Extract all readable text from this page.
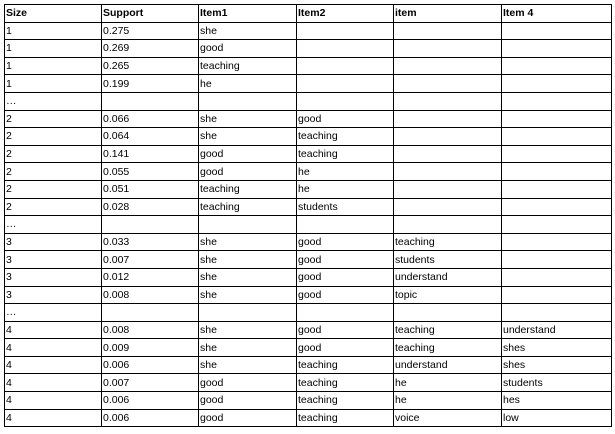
Size	Support	Item1	Item2	item	Item 4
1	0.275	she			
1	0.269	good			
1	0.265	teaching			
1	0.199	he			
…					
2	0.066	she	good		
2	0.064	she	teaching		
2	0.141	good	teaching		
2	0.055	good	he		
2	0.051	teaching	he		
2	0.028	teaching	students		
…					
3	0.033	she	good	teaching	
3	0.007	she	good	students	
3	0.012	she	good	understand	
3	0.008	she	good	topic	
…					
4	0.008	she	good	teaching	understand
4	0.009	she	good	teaching	shes
4	0.006	she	teaching	understand	shes
4	0.007	good	teaching	he	students
4	0.006	good	teaching	he	hes
4	0.006	good	teaching	voice	low
